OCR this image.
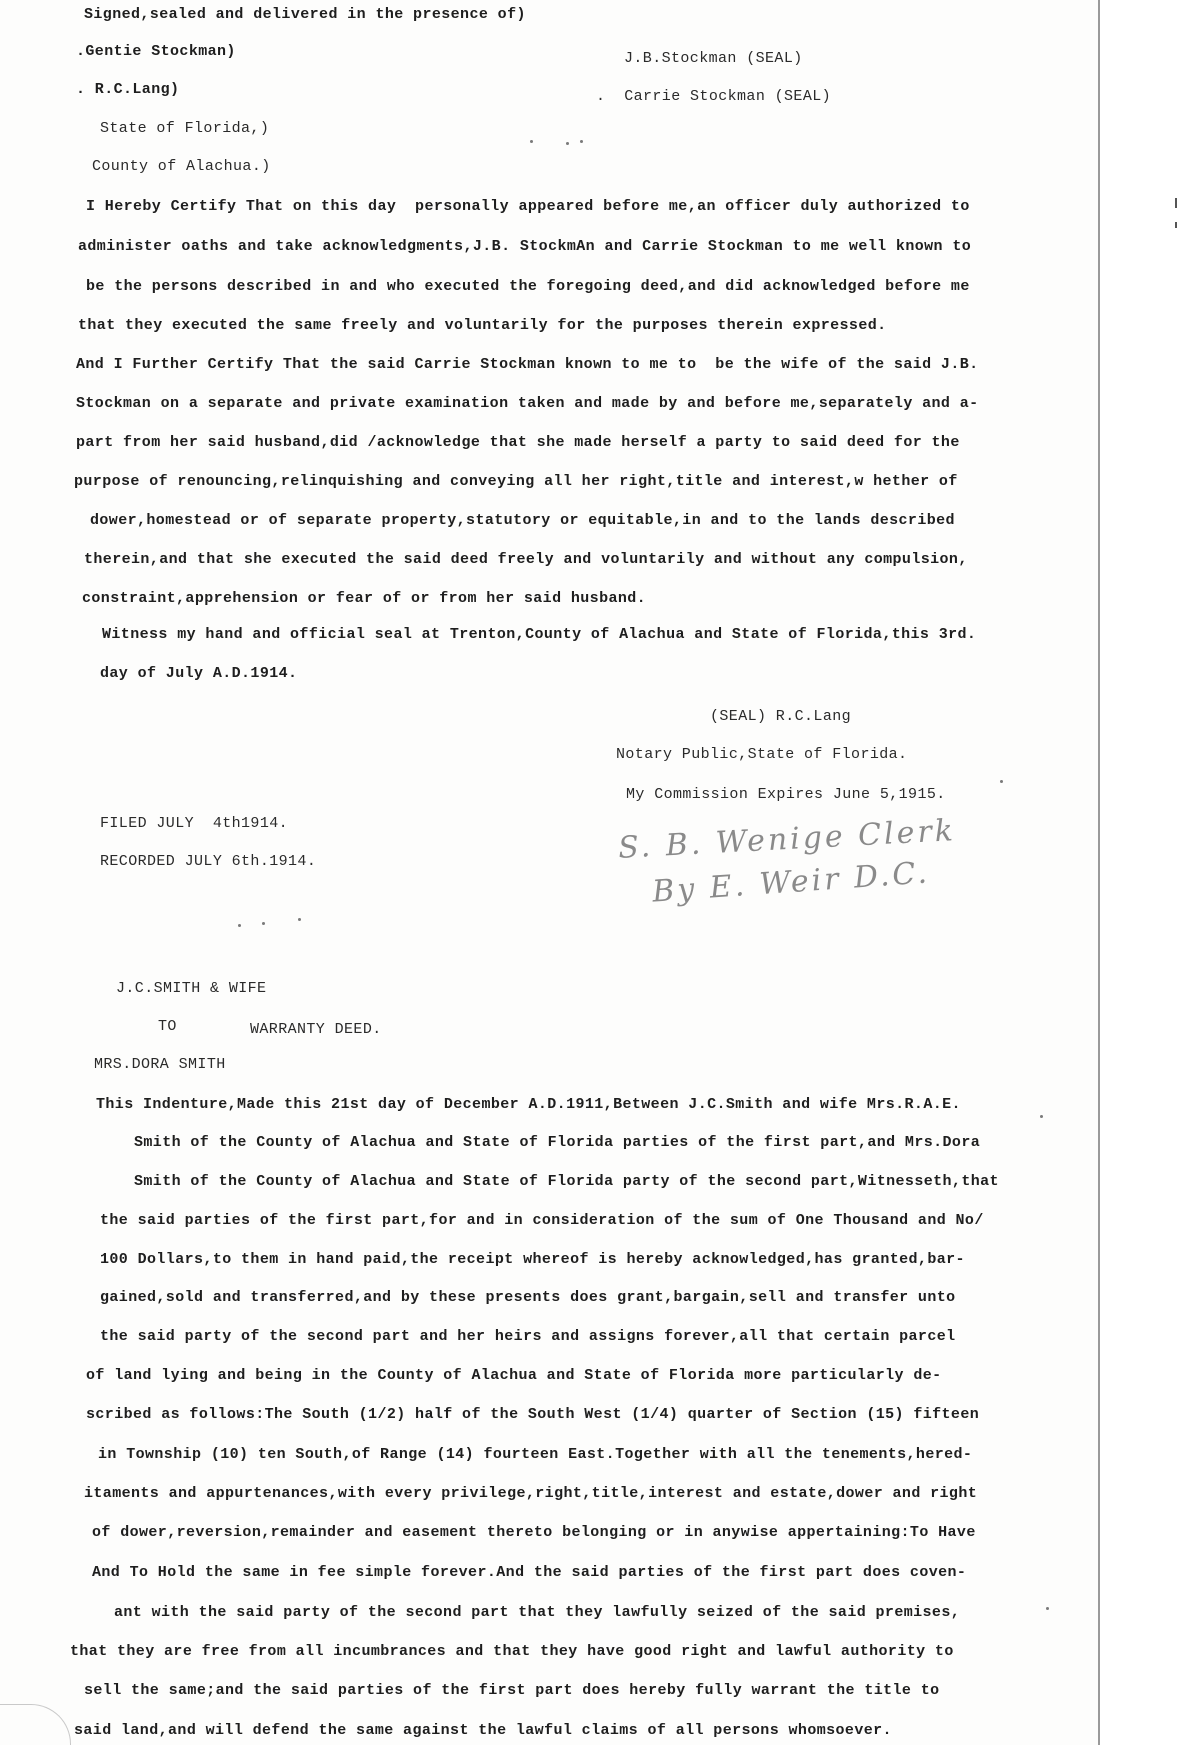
Signed,sealed and delivered in the presence of)
.Gentie Stockman)	J.B.Stockman (SEAL)
. R.C.Lang)	.  Carrie Stockman (SEAL)
State of Florida,)
County of Alachua.)
I Hereby Certify That on this day  personally appeared before me,an officer duly authorized to
administer oaths and take acknowledgments,J.B. StockmAn and Carrie Stockman to me well known to
be the persons described in and who executed the foregoing deed,and did acknowledged before me
that they executed the same freely and voluntarily for the purposes therein expressed.
And I Further Certify That the said Carrie Stockman known to me to  be the wife of the said J.B.
Stockman on a separate and private examination taken and made by and before me,separately and a-
part from her said husband,did /acknowledge that she made herself a party to said deed for the
purpose of renouncing,relinquishing and conveying all her right,title and interest,w hether of
dower,homestead or of separate property,statutory or equitable,in and to the lands described
therein,and that she executed the said deed freely and voluntarily and without any compulsion,
constraint,apprehension or fear of or from her said husband.
Witness my hand and official seal at Trenton,County of Alachua and State of Florida,this 3rd.
day of July A.D.1914.
(SEAL) R.C.Lang
Notary Public,State of Florida.
My Commission Expires June 5,1915.
FILED JULY  4th1914.
RECORDED JULY 6th.1914.	S. B. Wenige Clerk
By E. Weir D.C.
J.C.SMITH & WIFE
TO	WARRANTY DEED.
MRS.DORA SMITH
This Indenture,Made this 21st day of December A.D.1911,Between J.C.Smith and wife Mrs.R.A.E.
Smith of the County of Alachua and State of Florida parties of the first part,and Mrs.Dora
Smith of the County of Alachua and State of Florida party of the second part,Witnesseth,that
the said parties of the first part,for and in consideration of the sum of One Thousand and No/
100 Dollars,to them in hand paid,the receipt whereof is hereby acknowledged,has granted,bar-
gained,sold and transferred,and by these presents does grant,bargain,sell and transfer unto
the said party of the second part and her heirs and assigns forever,all that certain parcel
of land lying and being in the County of Alachua and State of Florida more particularly de-
scribed as follows:The South (1/2) half of the South West (1/4) quarter of Section (15) fifteen
in Township (10) ten South,of Range (14) fourteen East.Together with all the tenements,hered-
itaments and appurtenances,with every privilege,right,title,interest and estate,dower and right
of dower,reversion,remainder and easement thereto belonging or in anywise appertaining:To Have
And To Hold the same in fee simple forever.And the said parties of the first part does coven-
ant with the said party of the second part that they lawfully seized of the said premises,
that they are free from all incumbrances and that they have good right and lawful authority to
sell the same;and the said parties of the first part does hereby fully warrant the title to
said land,and will defend the same against the lawful claims of all persons whomsoever.
